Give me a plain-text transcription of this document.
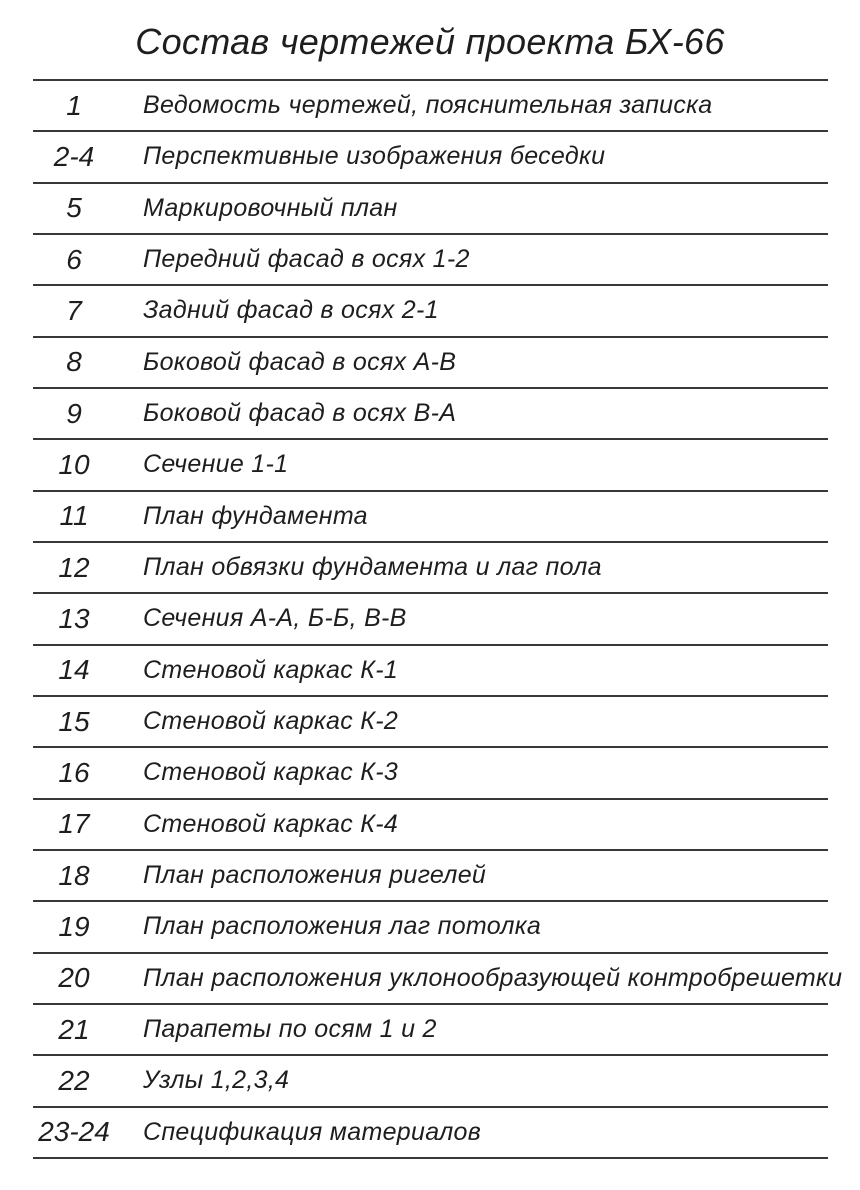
Состав чертежей проекта БХ-66
1	Ведомость чертежей, пояснительная записка
2-4	Перспективные изображения беседки
5	Маркировочный план
6	Передний фасад в осях 1-2
7	Задний фасад в осях 2-1
8	Боковой фасад в осях А-В
9	Боковой фасад в осях В-А
10	Сечение 1-1
11	План фундамента
12	План обвязки фундамента и лаг пола
13	Сечения А-А, Б-Б, В-В
14	Стеновой каркас К-1
15	Стеновой каркас К-2
16	Стеновой каркас К-3
17	Стеновой каркас К-4
18	План расположения ригелей
19	План расположения лаг потолка
20	План расположения уклонообразующей контробрешетки
21	Парапеты по осям 1 и 2
22	Узлы 1,2,3,4
23-24	Спецификация материалов
